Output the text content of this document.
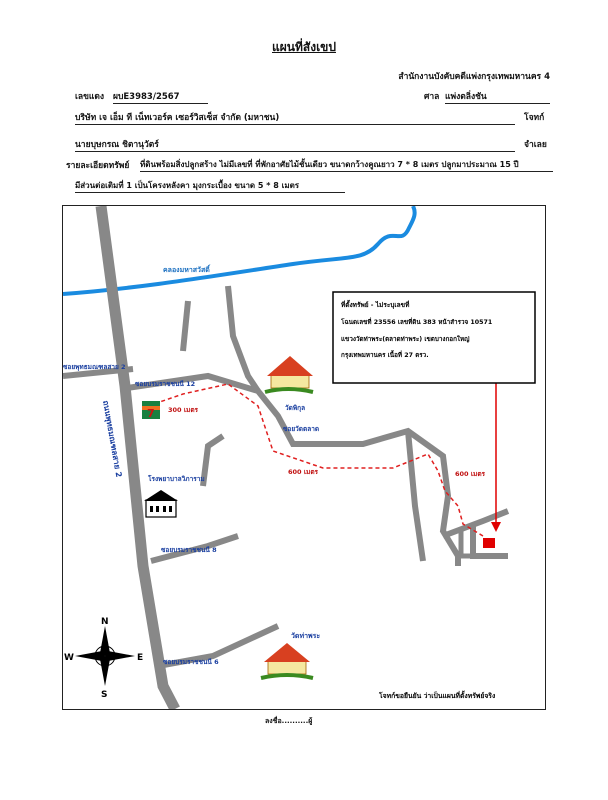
แผนที่สังเขป
สำนักงานบังคับคดีแพ่งกรุงเทพมหานคร 4
เลขแดง ผบE3983/2567	ศาล แพ่งตลิ่งชัน
บริษัท เจ เอ็ม ที เน็ทเวอร์ค เซอร์วิสเซ็ส จำกัด (มหาชน)	โจทก์
นายบุษกรณ ชิตานุวัตร์	จำเลย
รายละเอียดทรัพย์ ที่ดินพร้อมสิ่งปลูกสร้าง ไม่มีเลขที่ ที่พักอาศัยไม้ชั้นเดียว ขนาดกว้างคูณยาว 7 * 8 เมตร ปลูกมาประมาณ 15 ปี
มีส่วนต่อเติมที่ 1 เป็นโครงหลังคา มุงกระเบื้อง ขนาด 5 * 8 เมตร
คลองมหาสวัสดิ์
ถนนพุทธมณฑลสาย 2
ซอยพุทธมณฑลสาย 2
ซอยบรมราชชนนี 12
ซอยบรมราชชนนี 8
ซอยบรมราชชนนี 6
ซอยวัดตลาด
300 เมตร
600 เมตร	600 เมตร
7	วัดพิกุล
โรงพยาบาลวิภาราม
วัดท่าพระ
ที่ตั้งทรัพย์ - ไม่ระบุเลขที่
โฉนดเลขที่ 23556 เลขที่ดิน 383 หน้าสำรวจ 10571
แขวงวัดท่าพระ(ตลาดท่าพระ) เขตบางกอกใหญ่
กรุงเทพมหานคร เนื้อที่ 27 ตรว.
N
S
W	E
โจทก์ขอยืนยัน ว่าเป็นแผนที่ตั้งทรัพย์จริง
ลงชื่อ..........ผู้
